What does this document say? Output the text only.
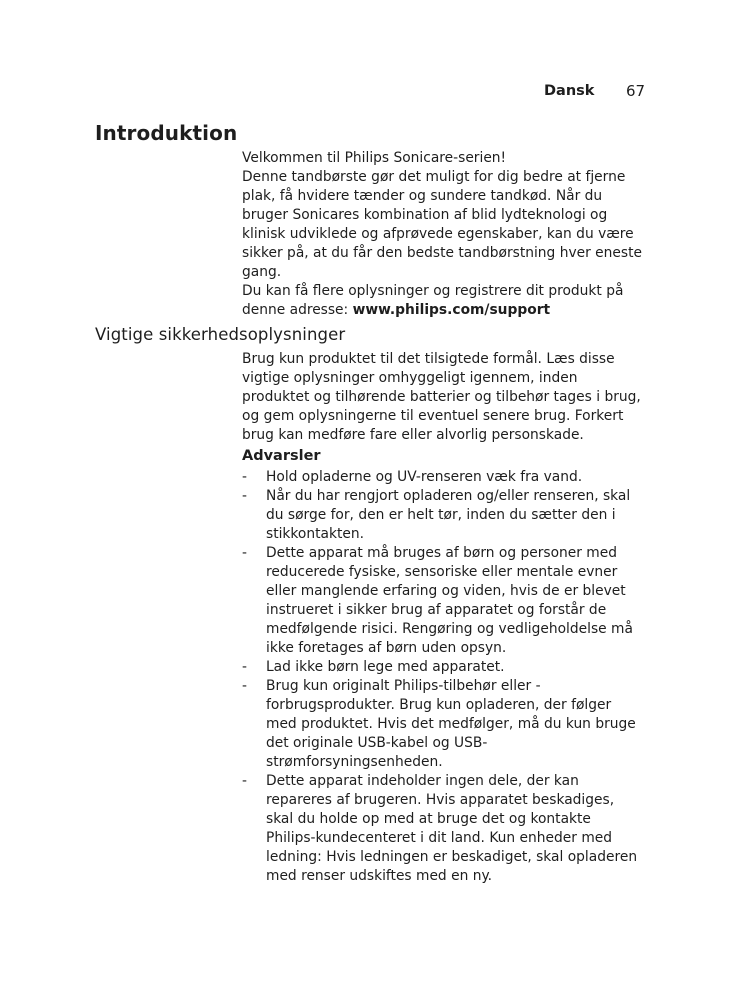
Dansk 67
Introduktion

Velkommen til Philips Sonicare-serien!

Denne tandbørste gør det muligt for dig bedre at fjerne plak, få hvidere tænder og sundere tandkød. Når du bruger Sonicares kombination af blid lydteknologi og klinisk udviklede og afprøvede egenskaber, kan du være sikker på, at du får den bedste tandbørstning hver eneste gang.

Du kan få flere oplysninger og registrere dit produkt på denne adresse: www.philips.com/support

Vigtige sikkerhedsoplysninger

Brug kun produktet til det tilsigtede formål. Læs disse vigtige oplysninger omhyggeligt igennem, inden produktet og tilhørende batterier og tilbehør tages i brug, og gem oplysningerne til eventuel senere brug. Forkert brug kan medføre fare eller alvorlig personskade.

Advarsler
- Hold opladerne og UV-renseren væk fra vand.
- Når du har rengjort opladeren og/eller renseren, skal du sørge for, den er helt tør, inden du sætter den i stikkontakten.
- Dette apparat må bruges af børn og personer med reducerede fysiske, sensoriske eller mentale evner eller manglende erfaring og viden, hvis de er blevet instrueret i sikker brug af apparatet og forstår de medfølgende risici. Rengøring og vedligeholdelse må ikke foretages af børn uden opsyn.
- Lad ikke børn lege med apparatet.
- Brug kun originalt Philips-tilbehør eller -forbrugsprodukter. Brug kun opladeren, der følger med produktet. Hvis det medfølger, må du kun bruge det originale USB-kabel og USB-strømforsyningsenheden.
- Dette apparat indeholder ingen dele, der kan repareres af brugeren. Hvis apparatet beskadiges, skal du holde op med at bruge det og kontakte Philips-kundecenteret i dit land. Kun enheder med ledning: Hvis ledningen er beskadiget, skal opladeren med renser udskiftes med en ny.
